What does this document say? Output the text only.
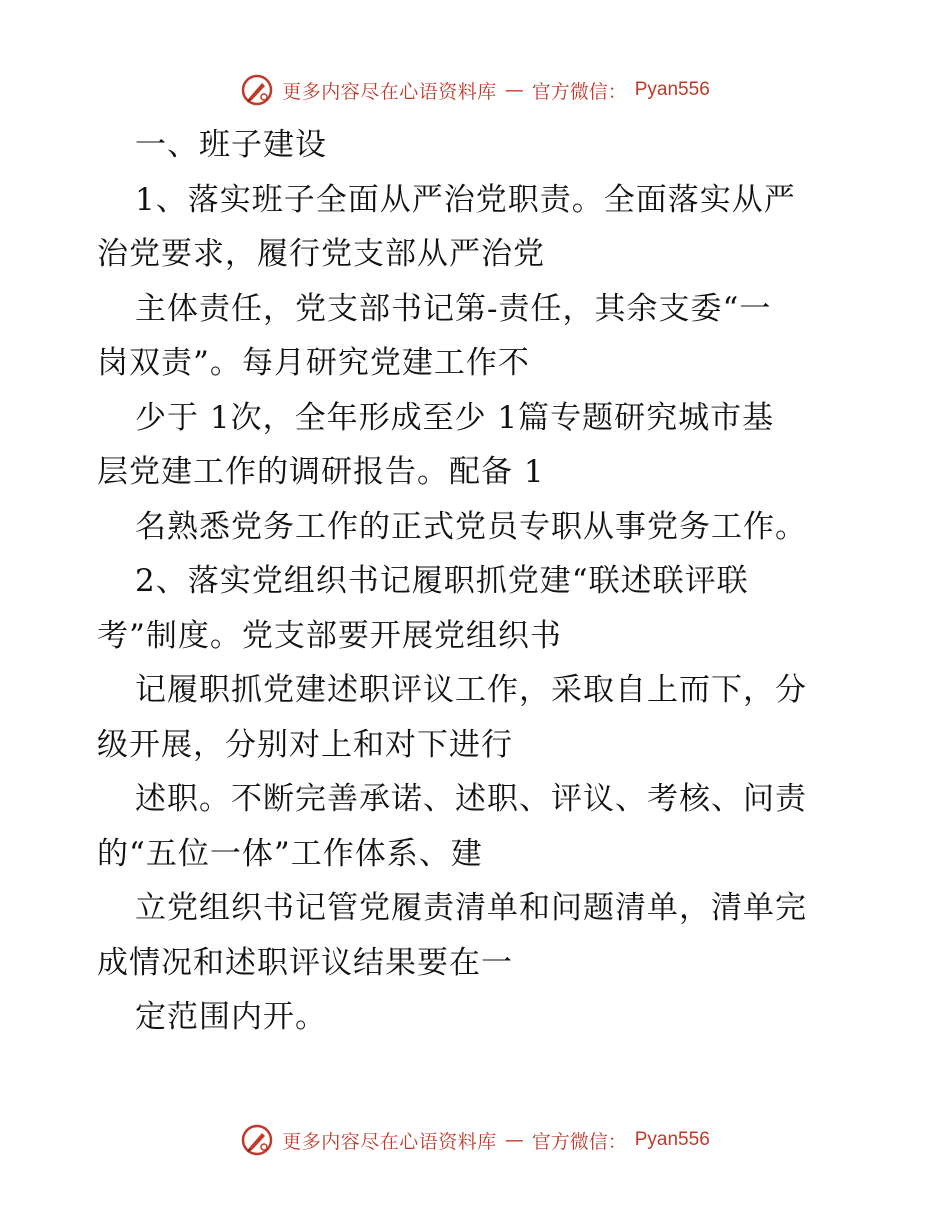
更多内容尽在心语资料库 — 官方微信： Pyan556
一、班子建设
1、落实班子全面从严治党职责。全面落实从严
治党要求，履行党支部从严治党
主体责任，党支部书记第-责任，其余支委“一
岗双责”。每月研究党建工作不
少于 1次，全年形成至少 1篇专题研究城市基
层党建工作的调研报告。配备 1
名熟悉党务工作的正式党员专职从事党务工作。
2、落实党组织书记履职抓党建“联述联评联
考”制度。党支部要开展党组织书
记履职抓党建述职评议工作，采取自上而下，分
级开展，分别对上和对下进行
述职。不断完善承诺、述职、评议、考核、问责
的“五位一体”工作体系、建
立党组织书记管党履责清单和问题清单，清单完
成情况和述职评议结果要在一
定范围内开。
更多内容尽在心语资料库 — 官方微信： Pyan556
